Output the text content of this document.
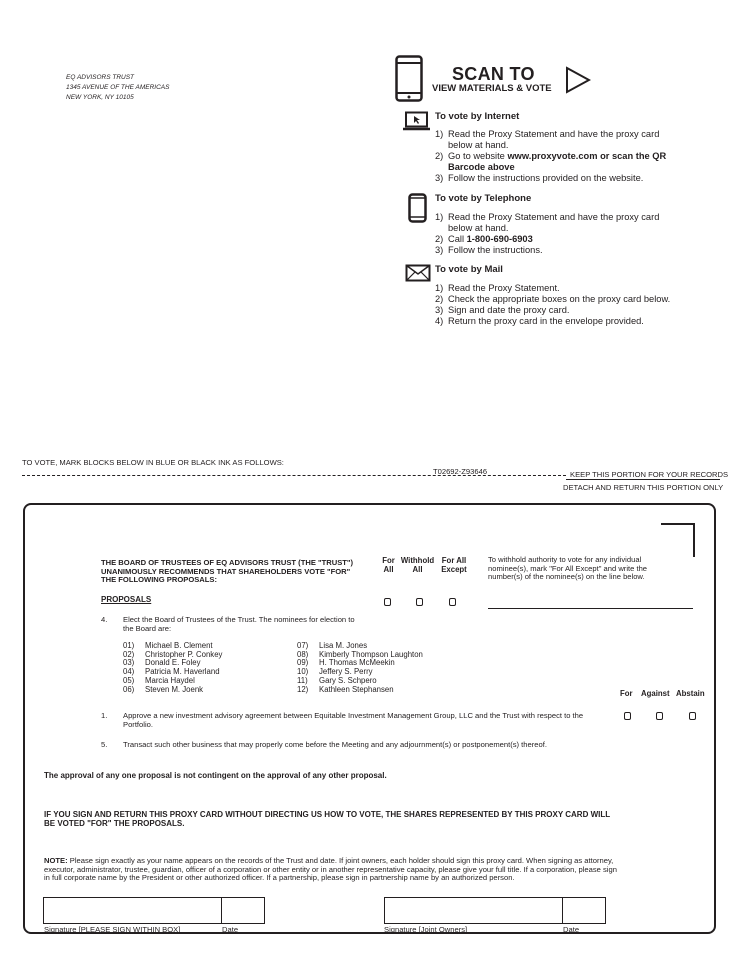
EQ ADVISORS TRUST
1345 AVENUE OF THE AMERICAS
NEW YORK, NY 10105
SCAN TO
VIEW MATERIALS & VOTE
To vote by Internet
1) Read the Proxy Statement and have the proxy card below at hand.
2) Go to website www.proxyvote.com or scan the QR Barcode above
3) Follow the instructions provided on the website.
To vote by Telephone
1) Read the Proxy Statement and have the proxy card below at hand.
2) Call 1-800-690-6903
3) Follow the instructions.
To vote by Mail
1) Read the Proxy Statement.
2) Check the appropriate boxes on the proxy card below.
3) Sign and date the proxy card.
4) Return the proxy card in the envelope provided.
TO VOTE, MARK BLOCKS BELOW IN BLUE OR BLACK INK AS FOLLOWS:
T02692-Z93646	KEEP THIS PORTION FOR YOUR RECORDS
DETACH AND RETURN THIS PORTION ONLY
THE BOARD OF TRUSTEES OF EQ ADVISORS TRUST (THE "TRUST") UNANIMOUSLY RECOMMENDS THAT SHAREHOLDERS VOTE "FOR" THE FOLLOWING PROPOSALS:
For All
Withhold All
For All Except
To withhold authority to vote for any individual nominee(s), mark "For All Except" and write the number(s) of the nominee(s) on the line below.
PROPOSALS
4. Elect the Board of Trustees of the Trust. The nominees for election to the Board are:
01) Michael B. Clement
02) Christopher P. Conkey
03) Donald E. Foley
04) Patricia M. Haverland
05) Marcia Haydel
06) Steven M. Joenk
07) Lisa M. Jones
08) Kimberly Thompson Laughton
09) H. Thomas McMeekin
10) Jeffery S. Perry
11) Gary S. Schpero
12) Kathleen Stephansen	For Against Abstain
1. Approve a new investment advisory agreement between Equitable Investment Management Group, LLC and the Trust with respect to the Portfolio.
5. Transact such other business that may properly come before the Meeting and any adjournment(s) or postponement(s) thereof.
The approval of any one proposal is not contingent on the approval of any other proposal.
IF YOU SIGN AND RETURN THIS PROXY CARD WITHOUT DIRECTING US HOW TO VOTE, THE SHARES REPRESENTED BY THIS PROXY CARD WILL BE VOTED "FOR" THE PROPOSALS.
NOTE: Please sign exactly as your name appears on the records of the Trust and date. If joint owners, each holder should sign this proxy card. When signing as attorney, executor, administrator, trustee, guardian, officer of a corporation or other entity or in another representative capacity, please give your full title. If a corporation, please sign in full corporate name by the President or other authorized officer. If a partnership, please sign in partnership name by an authorized person.
Signature [PLEASE SIGN WITHIN BOX]	Date	Signature [Joint Owners]	Date
